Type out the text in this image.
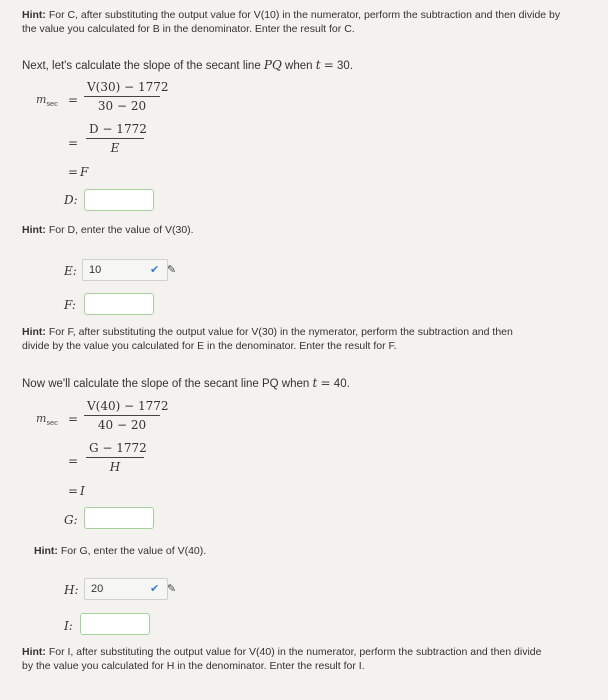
Hint: For C, after substituting the output value for V(10) in the numerator, perform the subtraction and then divide by the value you calculated for B in the denominator. Enter the result for C.
Next, let's calculate the slope of the secant line PQ when t = 30.
$m_{sec} = \frac{V(30) - 1772}{30 - 20}$
= $\frac{D - 1772}{E}$
= F
D:
Hint: For D, enter the value of V(30).
E:	10	✔ ✎
F:
Hint: For F, after substituting the output value for V(30) in the nymerator, perform the subtraction and then divide by the value you calculated for E in the denominator. Enter the result for F.
Now we'll calculate the slope of the secant line PQ when t = 40.
$m_{sec} = \frac{V(40) - 1772}{40 - 20}$
= $\frac{G - 1772}{H}$
= I
G:
Hint: For G, enter the value of V(40).
H:	20	✔ ✎
I:
Hint: For I, after substituting the output value for V(40) in the numerator, perform the subtraction and then divide by the value you calculated for H in the denominator. Enter the result for I.
